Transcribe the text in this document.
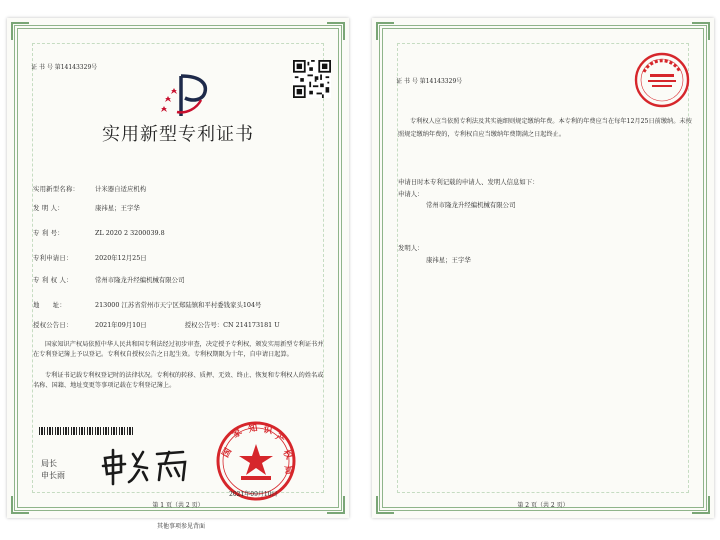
证 书 号 第14143329号
实用新型专利证书
实用新型名称： 计米器自适应机构
发 明 人：	康祎星；王宇华
专 利 号：	ZL 2020 2 3200039.8
专利申请日：	2020年12月25日
专 利 权 人：	常州市隆龙升经编机械有限公司
地　　址：	213000 江苏省常州市天宁区郑陆镇和平村委钱家头104号
授权公告日：	2021年09月10日	授权公告号：CN 214173181 U
国家知识产权局依照中华人民共和国专利法经过初步审查，决定授予专利权，颁发实用新型专利证书并在专利登记簿上予以登记。专利权自授权公告之日起生效。专利权期限为十年，自申请日起算。
专利证书记载专利权登记时的法律状况。专利权的转移、质押、无效、终止、恢复和专利权人的姓名或名称、国籍、地址变更等事项记载在专利登记簿上。
局长
申长雨
国
家 知 识
产
权
局
2021年09月10日
第 1 页（共 2 页）
其他事项参见背面
证 书 号 第14143329号
专利权人应当依照专利法及其实施细则规定缴纳年费。本专利的年费应当在每年12月25日前缴纳。未按照规定缴纳年费的，专利权自应当缴纳年费期满之日起终止。
申请日时本专利记载的申请人、发明人信息如下：
申请人：
常州市隆龙升经编机械有限公司
发明人：
康祎星；王宇华
第 2 页（共 2 页）
